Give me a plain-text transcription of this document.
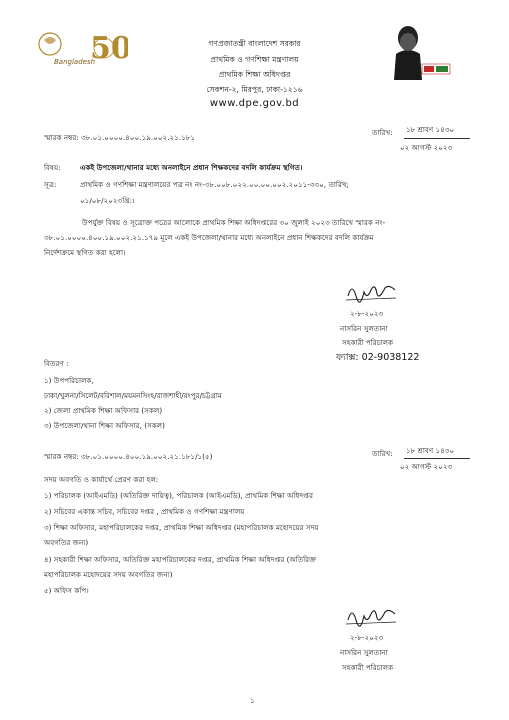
50
Bangladesh
গণপ্রজাতন্ত্রী বাংলাদেশ সরকার
প্রাথমিক ও গণশিক্ষা মন্ত্রণালয়
প্রাথমিক শিক্ষা অধিদপ্তর
সেকশন-২, মিরপুর, ঢাকা-১২১৬
www.dpe.gov.bd
স্মারক নম্বর: ৩৮.০১.০০০০.৪০০.১৯.০০২.২১.১৮১
তারিখ: ১৮ শ্রাবণ ১৪৩০
০২ আগস্ট ২০২৩
বিষয়:	একই উপজেলা/থানার মধ্যে অনলাইনে প্রধান শিক্ষকদের বদলি কার্যক্রম স্থগিত।
সূত্র:	প্রাথমিক ও গণশিক্ষা মন্ত্রণালয়ের পত্র নং নং-৩৮.০০৮.০২২.০০.০০.০০২.২০১১-৩৩০, তারিখ;
০১/০৮/২০২৩খ্রি:।
উপর্যুক্ত বিষয় ও সূত্রোক্ত পত্রের আলোকে প্রাথমিক শিক্ষা অধিদপ্তরের ৩০ জুলাই ২০২৩ তারিখে স্মারক নং-
৩৮.০১.০০০০.৪০০.১৯.০০২.২১.১৭৯ মূলে একই উপজেলা/থানার মধ্যে অনলাইনে প্রধান শিক্ষকদের বদলি কার্যক্রম
নির্দেশক্রমে স্থগিত করা হলো।
২-৮-২০২৩
নাসরিন সুলতানা
সহকারী পরিচালক
ফ্যাক্স: 02-9038122
বিতরণ :
১) উপপরিচালক,
ঢাকা/খুলনা/সিলেট/বরিশাল/ময়মনসিংহ/রাজশাহী/রংপুর/চট্টগ্রাম
২) জেলা প্রাথমিক শিক্ষা অফিসার (সকল)
৩) উপজেলা/থানা শিক্ষা অফিসার, (সকল)
স্মারক নম্বর: ৩৮.০১.০০০০.৪০০.১৯.০০২.২১.১৮১/১(৫)	তারিখ: ১৮ শ্রাবণ ১৪৩০
০২ আগস্ট ২০২৩
সদয় অবগতি ও কার্যার্থে প্রেরণ করা হল:
১) পরিচালক (আইএমডি) (অতিরিক্ত দায়িত্ব), পরিচালক (আইএমডি), প্রাথমিক শিক্ষা অধিদপ্তর
২) সচিবের একান্ত সচিব, সচিবের দপ্তর , প্রাথমিক ও গণশিক্ষা মন্ত্রণালয়
৩) শিক্ষা অফিসার, মহাপরিচালকের দপ্তর, প্রাথমিক শিক্ষা অধিদপ্তর (মহাপরিচালক মহোদয়ের সদয়
অবগতির জন্য)
৪) সহকারী শিক্ষা অফিসার, অতিরিক্ত মহাপরিচালকের দপ্তর, প্রাথমিক শিক্ষা অধিদপ্তর (অতিরিক্ত
মহাপরিচালক মহোদয়ের সদয় অবগতির জন্য)
৫) অফিস কপি।
২-৮-২০২৩
নাসরিন সুলতানা
সহকারী পরিচালক
১
